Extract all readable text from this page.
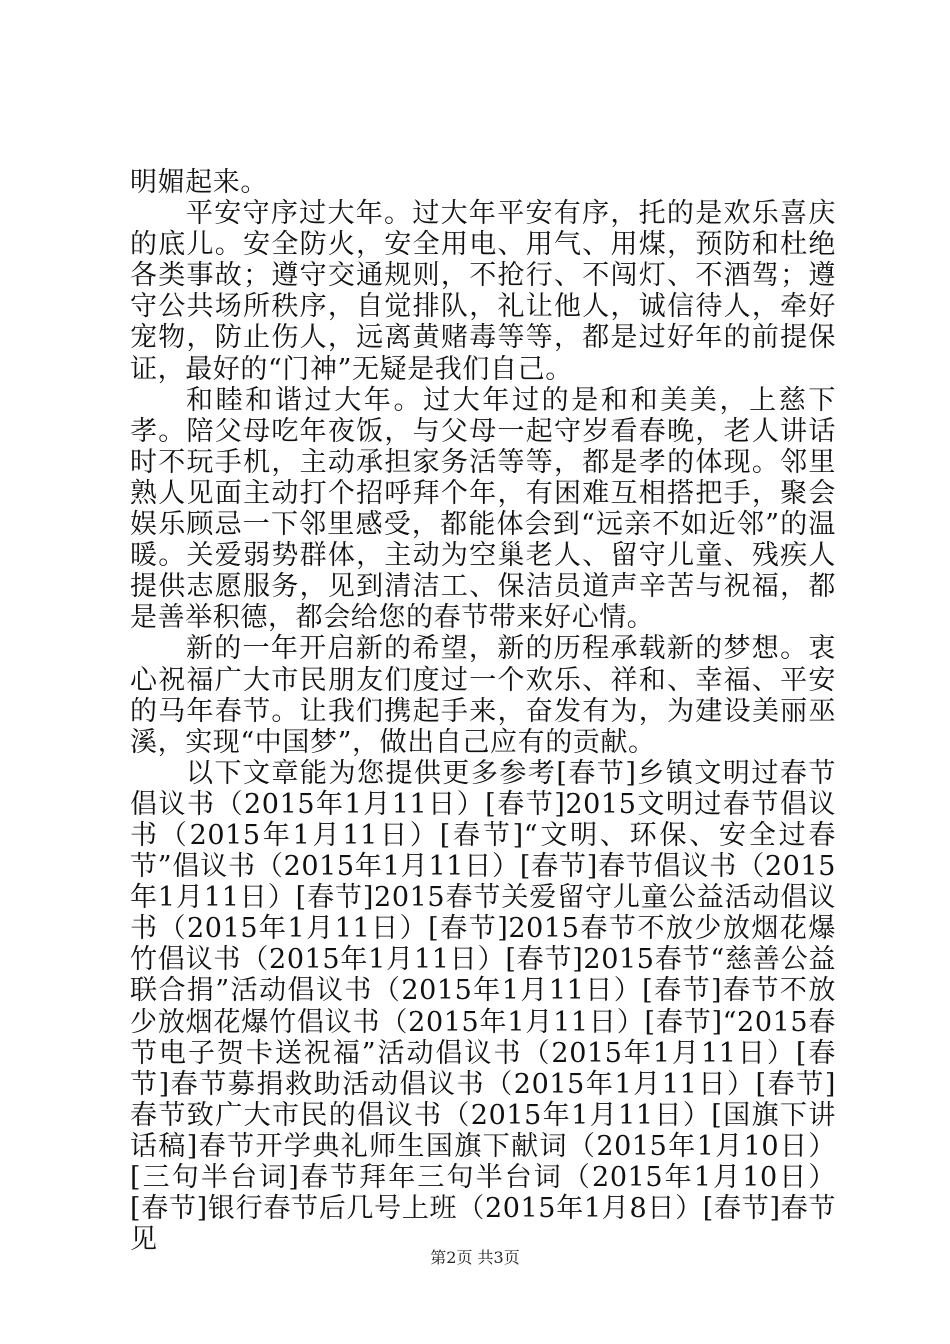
明媚起来。

平安守序过大年。过大年平安有序，托的是欢乐喜庆的底儿。安全防火，安全用电、用气、用煤，预防和杜绝各类事故；遵守交通规则，不抢行、不闯灯、不酒驾；遵守公共场所秩序，自觉排队，礼让他人，诚信待人，牵好宠物，防止伤人，远离黄赌毒等等，都是过好年的前提保证，最好的“门神”无疑是我们自己。

和睦和谐过大年。过大年过的是和和美美，上慈下孝。陪父母吃年夜饭，与父母一起守岁看春晚，老人讲话时不玩手机，主动承担家务活等等，都是孝的体现。邻里熟人见面主动打个招呼拜个年，有困难互相搭把手，聚会娱乐顾忌一下邻里感受，都能体会到“远亲不如近邻”的温暖。关爱弱势群体，主动为空巢老人、留守儿童、残疾人提供志愿服务，见到清洁工、保洁员道声辛苦与祝福，都是善举积德，都会给您的春节带来好心情。

新的一年开启新的希望，新的历程承载新的梦想。衷心祝福广大市民朋友们度过一个欢乐、祥和、幸福、平安的马年春节。让我们携起手来，奋发有为，为建设美丽巫溪，实现“中国梦”，做出自己应有的贡献。

以下文章能为您提供更多参考[春节]乡镇文明过春节倡议书（2015年1月11日）[春节]2015文明过春节倡议书（2015年1月11日）[春节]“文明、环保、安全过春节”倡议书（2015年1月11日）[春节]春节倡议书（2015年1月11日）[春节]2015春节关爱留守儿童公益活动倡议书（2015年1月11日）[春节]2015春节不放少放烟花爆竹倡议书（2015年1月11日）[春节]2015春节“慈善公益联合捐”活动倡议书（2015年1月11日）[春节]春节不放少放烟花爆竹倡议书（2015年1月11日）[春节]“2015春节电子贺卡送祝福”活动倡议书（2015年1月11日）[春节]春节募捐救助活动倡议书（2015年1月11日）[春节]春节致广大市民的倡议书（2015年1月11日）[国旗下讲话稿]春节开学典礼师生国旗下献词（2015年1月10日）[三句半台词]春节拜年三句半台词（2015年1月10日）[春节]银行春节后几号上班（2015年1月8日）[春节]春节见

第2页 共3页
